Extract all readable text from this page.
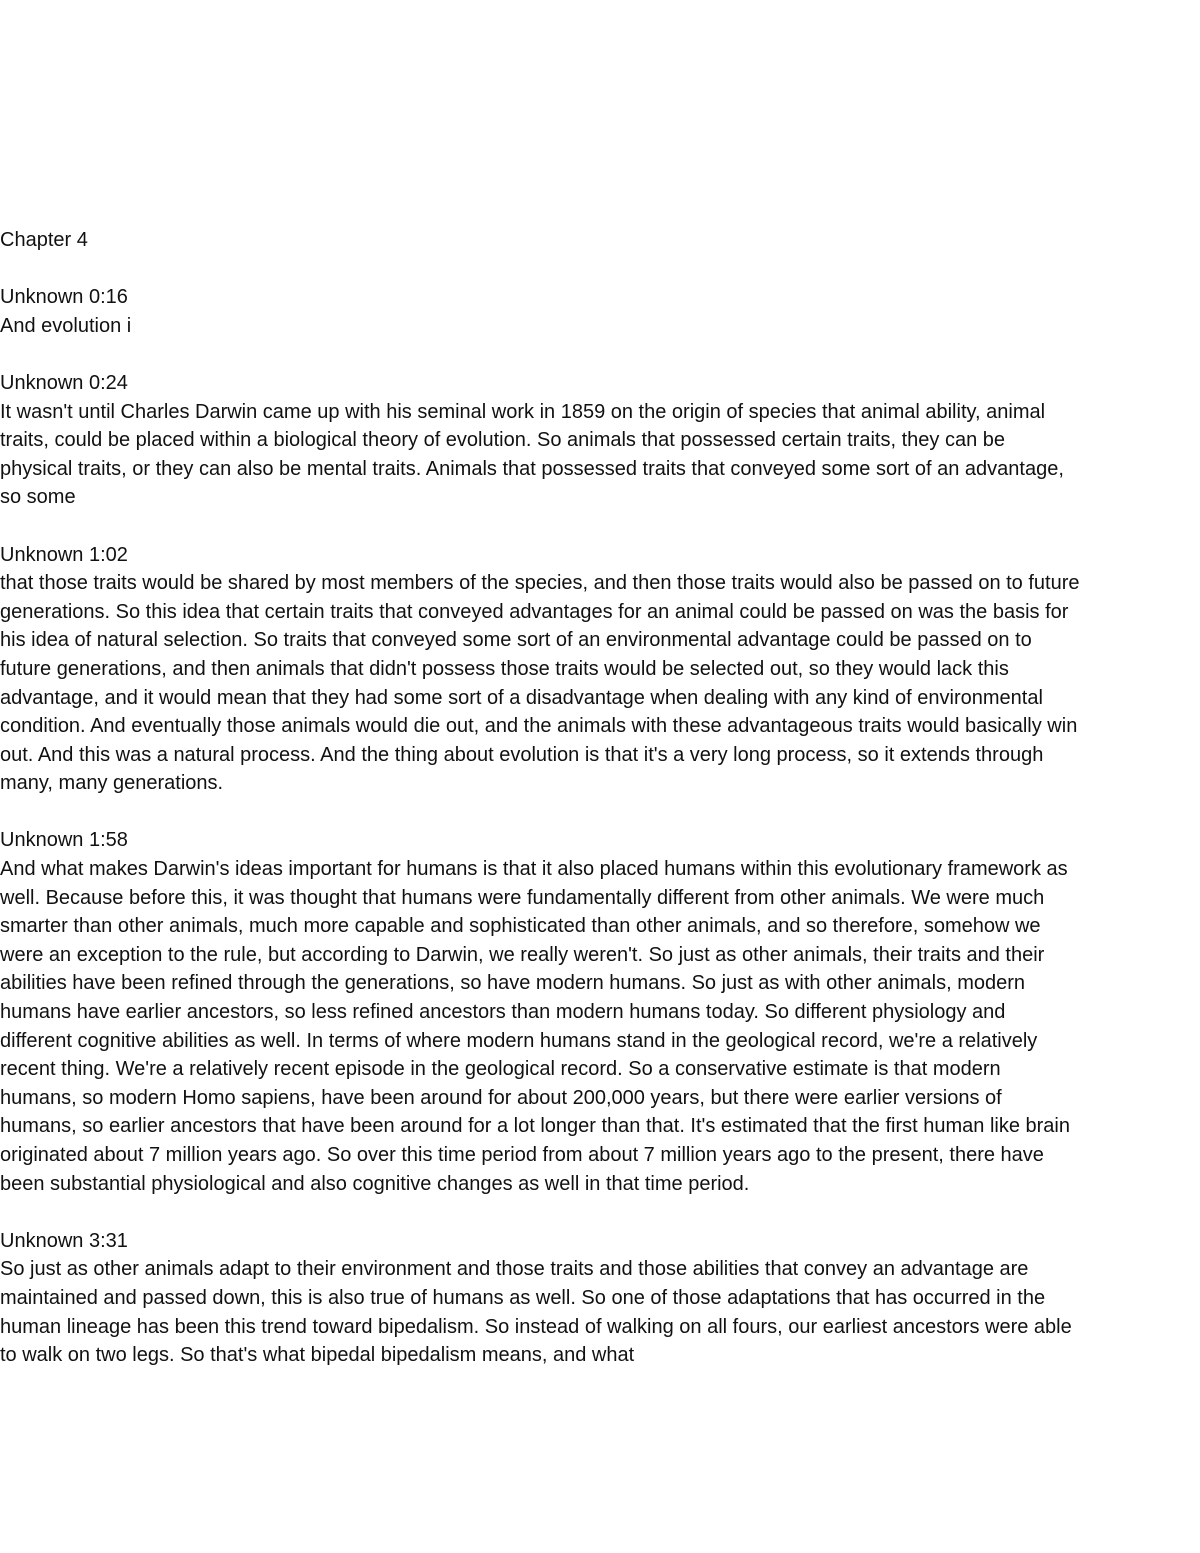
Chapter 4
Unknown 0:16
And evolution i
Unknown 0:24
It wasn't until Charles Darwin came up with his seminal work in 1859 on the origin of species that animal ability, animal traits, could be placed within a biological theory of evolution. So animals that possessed certain traits, they can be physical traits, or they can also be mental traits. Animals that possessed traits that conveyed some sort of an advantage, so some
Unknown 1:02
that those traits would be shared by most members of the species, and then those traits would also be passed on to future generations. So this idea that certain traits that conveyed advantages for an animal could be passed on was the basis for his idea of natural selection. So traits that conveyed some sort of an environmental advantage could be passed on to future generations, and then animals that didn't possess those traits would be selected out, so they would lack this advantage, and it would mean that they had some sort of a disadvantage when dealing with any kind of environmental condition. And eventually those animals would die out, and the animals with these advantageous traits would basically win out. And this was a natural process. And the thing about evolution is that it's a very long process, so it extends through many, many generations.
Unknown 1:58
And what makes Darwin's ideas important for humans is that it also placed humans within this evolutionary framework as well. Because before this, it was thought that humans were fundamentally different from other animals. We were much smarter than other animals, much more capable and sophisticated than other animals, and so therefore, somehow we were an exception to the rule, but according to Darwin, we really weren't. So just as other animals, their traits and their abilities have been refined through the generations, so have modern humans. So just as with other animals, modern humans have earlier ancestors, so less refined ancestors than modern humans today. So different physiology and different cognitive abilities as well. In terms of where modern humans stand in the geological record, we're a relatively recent thing. We're a relatively recent episode in the geological record. So a conservative estimate is that modern humans, so modern Homo sapiens, have been around for about 200,000 years, but there were earlier versions of humans, so earlier ancestors that have been around for a lot longer than that. It's estimated that the first human like brain originated about 7 million years ago. So over this time period from about 7 million years ago to the present, there have been substantial physiological and also cognitive changes as well in that time period.
Unknown 3:31
So just as other animals adapt to their environment and those traits and those abilities that convey an advantage are maintained and passed down, this is also true of humans as well. So one of those adaptations that has occurred in the human lineage has been this trend toward bipedalism. So instead of walking on all fours, our earliest ancestors were able to walk on two legs. So that's what bipedal bipedalism means, and what
